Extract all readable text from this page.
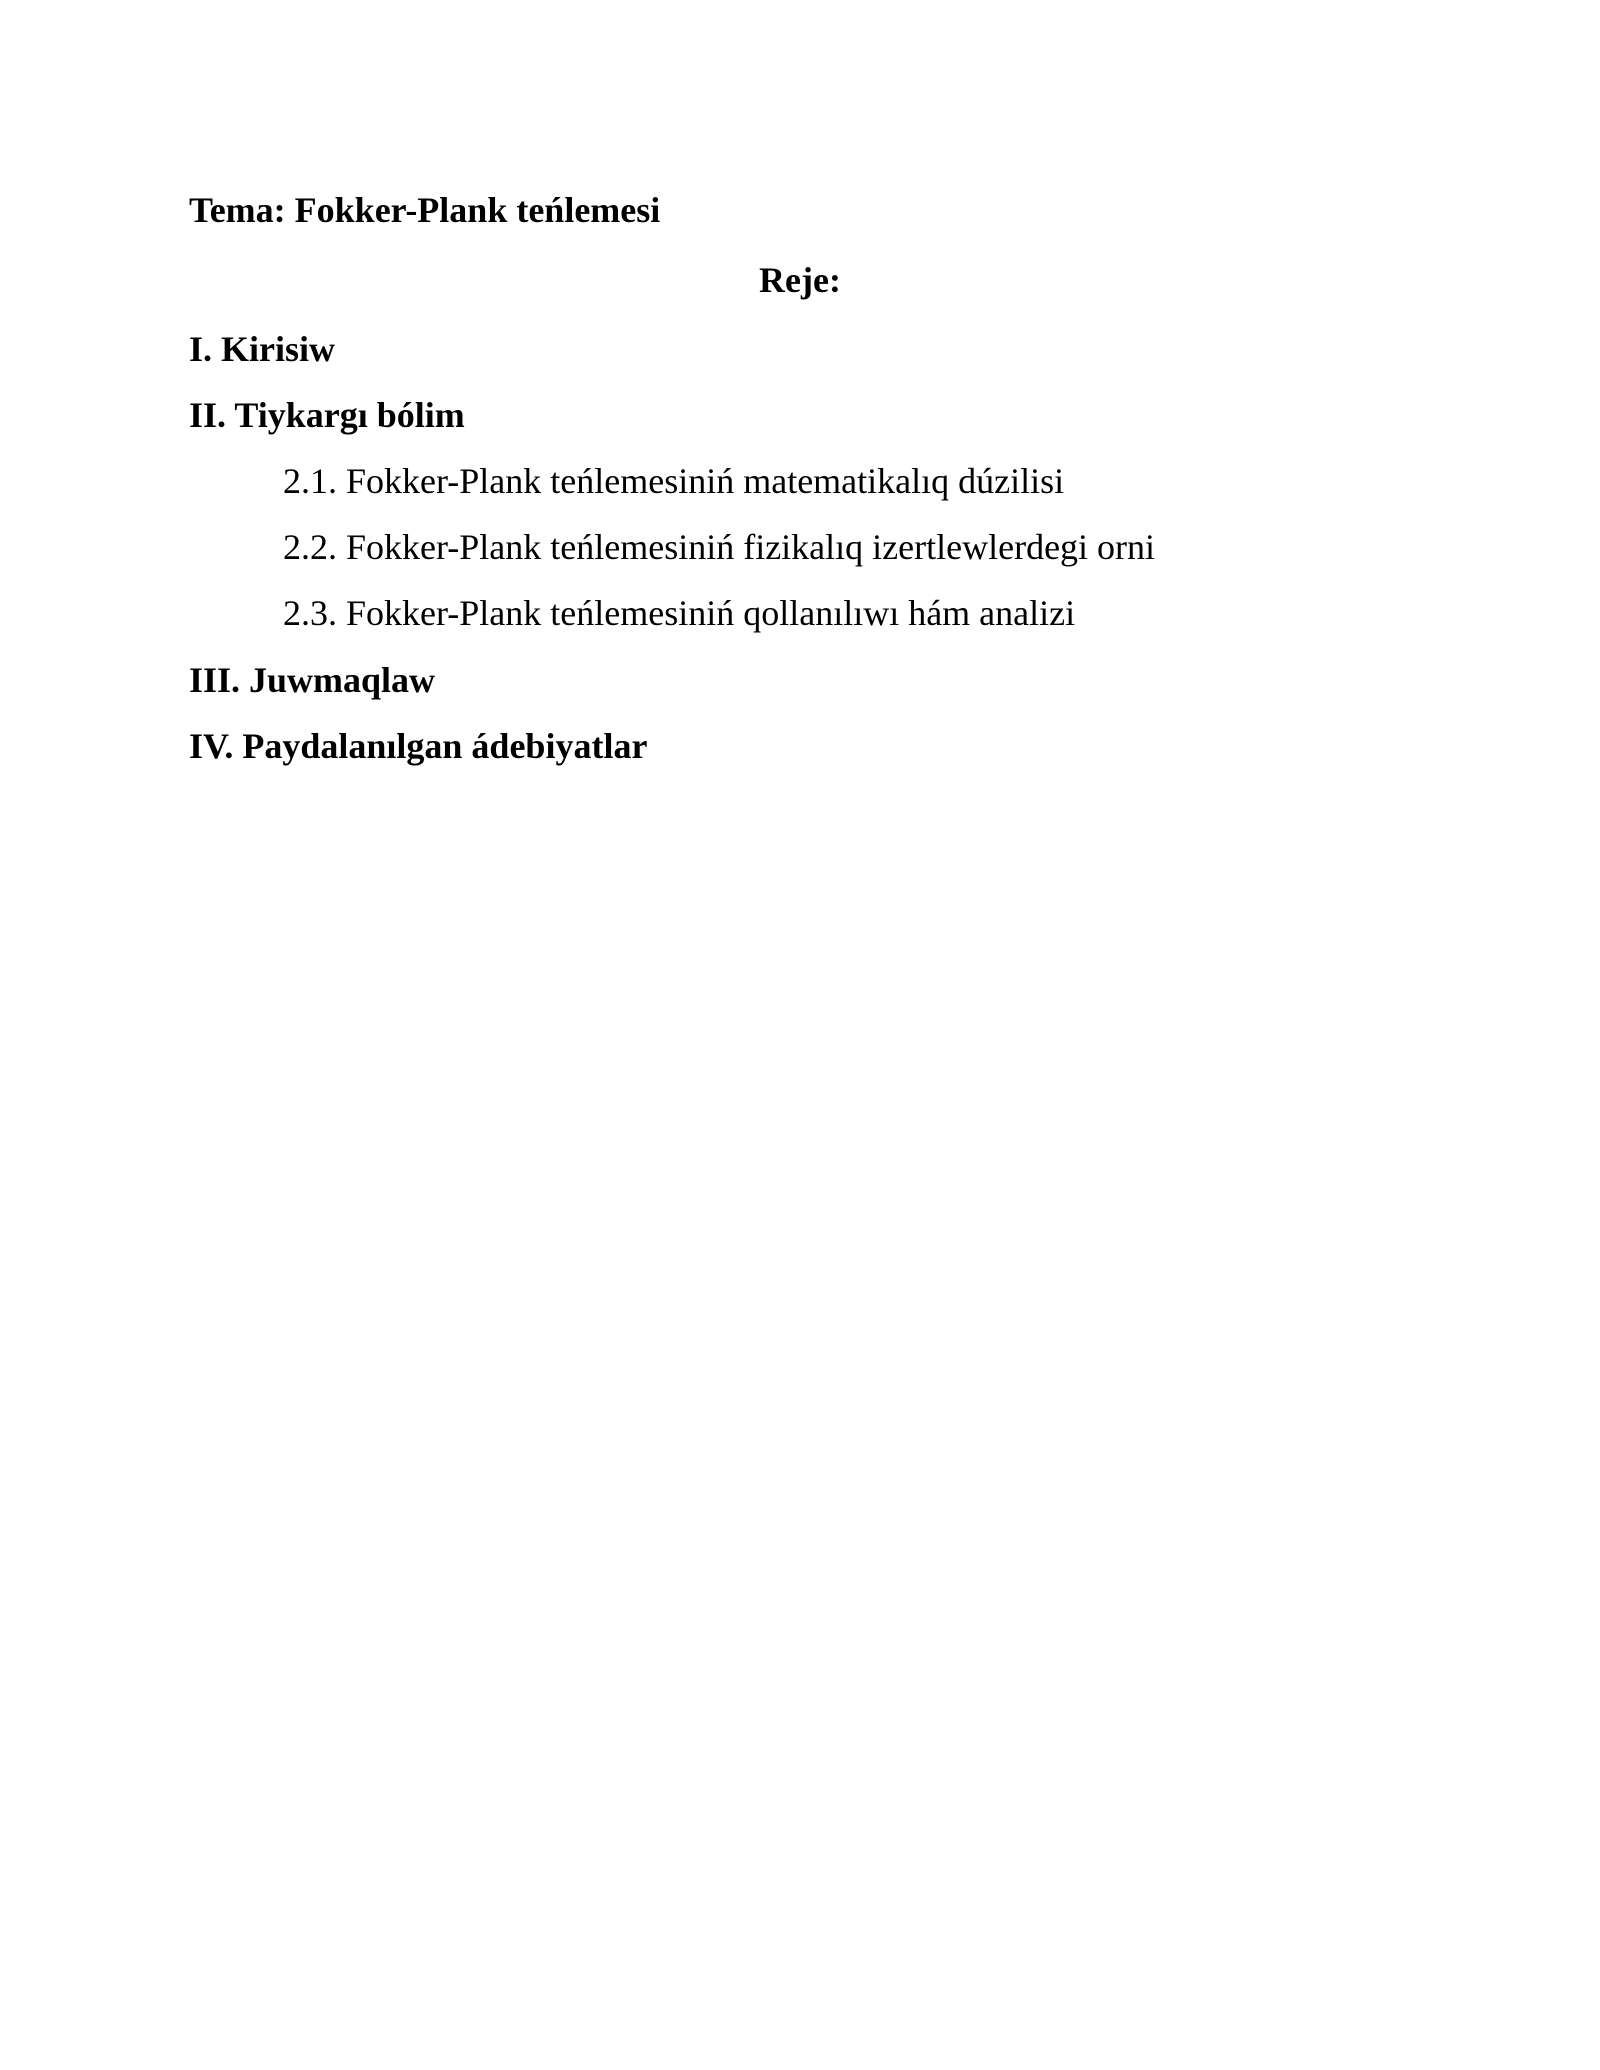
Tema: Fokker-Plank teńlemesi
Reje:
I. Kirisiw
II. Tiykargı bólim
2.1. Fokker-Plank teńlemesiniń matematikalıq dúzilisi
2.2. Fokker-Plank teńlemesiniń fizikalıq izertlewlerdegi orni
2.3. Fokker-Plank teńlemesiniń qollanılıwı hám analizi
III. Juwmaqlaw
IV. Paydalanılgan ádebiyatlar
